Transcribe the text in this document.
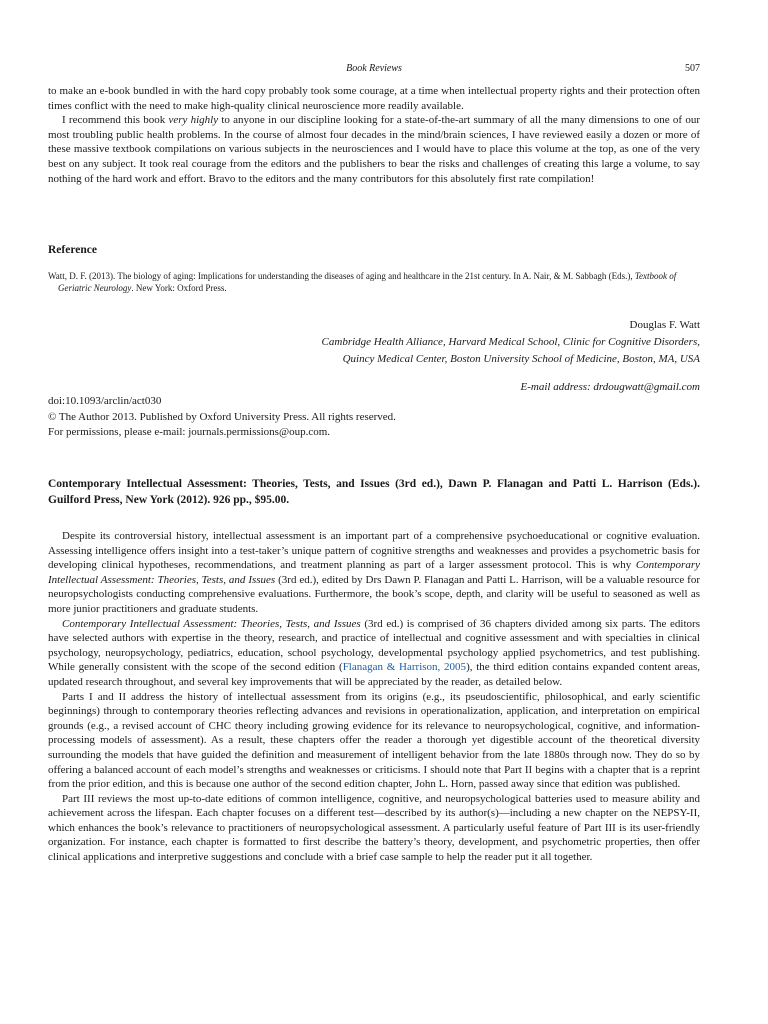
Book Reviews	507

to make an e-book bundled in with the hard copy probably took some courage, at a time when intellectual property rights and their protection often times conflict with the need to make high-quality clinical neuroscience more readily available.

I recommend this book very highly to anyone in our discipline looking for a state-of-the-art summary of all the many dimensions to one of our most troubling public health problems. In the course of almost four decades in the mind/brain sciences, I have reviewed easily a dozen or more of these massive textbook compilations on various subjects in the neurosciences and I would have to place this volume at the top, as one of the very best on any subject. It took real courage from the editors and the publishers to bear the risks and challenges of creating this large a volume, to say nothing of the hard work and effort. Bravo to the editors and the many contributors for this absolutely first rate compilation!

Reference

Watt, D. F. (2013). The biology of aging: Implications for understanding the diseases of aging and healthcare in the 21st century. In A. Nair, & M. Sabbagh (Eds.), Textbook of Geriatric Neurology. New York: Oxford Press.

Douglas F. Watt
Cambridge Health Alliance, Harvard Medical School, Clinic for Cognitive Disorders,
Quincy Medical Center, Boston University School of Medicine, Boston, MA, USA
E-mail address: drdougwatt@gmail.com
doi:10.1093/arclin/act030
© The Author 2013. Published by Oxford University Press. All rights reserved.
For permissions, please e-mail: journals.permissions@oup.com.
Contemporary Intellectual Assessment: Theories, Tests, and Issues (3rd ed.), Dawn P. Flanagan and Patti L. Harrison (Eds.). Guilford Press, New York (2012). 926 pp., $95.00.

Despite its controversial history, intellectual assessment is an important part of a comprehensive psychoeducational or cognitive evaluation. Assessing intelligence offers insight into a test-taker’s unique pattern of cognitive strengths and weaknesses and provides a psychometric basis for developing clinical hypotheses, recommendations, and treatment planning as part of a larger assessment protocol. This is why Contemporary Intellectual Assessment: Theories, Tests, and Issues (3rd ed.), edited by Drs Dawn P. Flanagan and Patti L. Harrison, will be a valuable resource for neuropsychologists conducting comprehensive evaluations. Furthermore, the book’s scope, depth, and clarity will be useful to seasoned as well as more junior practitioners and graduate students.

Contemporary Intellectual Assessment: Theories, Tests, and Issues (3rd ed.) is comprised of 36 chapters divided among six parts. The editors have selected authors with expertise in the theory, research, and practice of intellectual and cognitive assessment and with specialties in clinical psychology, neuropsychology, pediatrics, education, school psychology, developmental psychology applied psychometrics, and test publishing. While generally consistent with the scope of the second edition (Flanagan & Harrison, 2005), the third edition contains expanded content areas, updated research throughout, and several key improvements that will be appreciated by the reader, as detailed below.

Parts I and II address the history of intellectual assessment from its origins (e.g., its pseudoscientific, philosophical, and early scientific beginnings) through to contemporary theories reflecting advances and revisions in operationalization, application, and interpretation on empirical grounds (e.g., a revised account of CHC theory including growing evidence for its relevance to neuropsychological, cognitive, and information-processing models of assessment). As a result, these chapters offer the reader a thorough yet digestible account of the theoretical diversity surrounding the models that have guided the definition and measurement of intelligent behavior from the late 1880s through now. They do so by offering a balanced account of each model’s strengths and weaknesses or criticisms. I should note that Part II begins with a chapter that is a reprint from the prior edition, and this is because one author of the second edition chapter, John L. Horn, passed away since that edition was published.

Part III reviews the most up-to-date editions of common intelligence, cognitive, and neuropsychological batteries used to measure ability and achievement across the lifespan. Each chapter focuses on a different test—described by its author(s)—including a new chapter on the NEPSY-II, which enhances the book’s relevance to practitioners of neuropsychological assessment. A particularly useful feature of Part III is its user-friendly organization. For instance, each chapter is formatted to first describe the battery’s theory, development, and psychometric properties, then offer clinical applications and interpretive suggestions and conclude with a brief case sample to help the reader put it all together.
